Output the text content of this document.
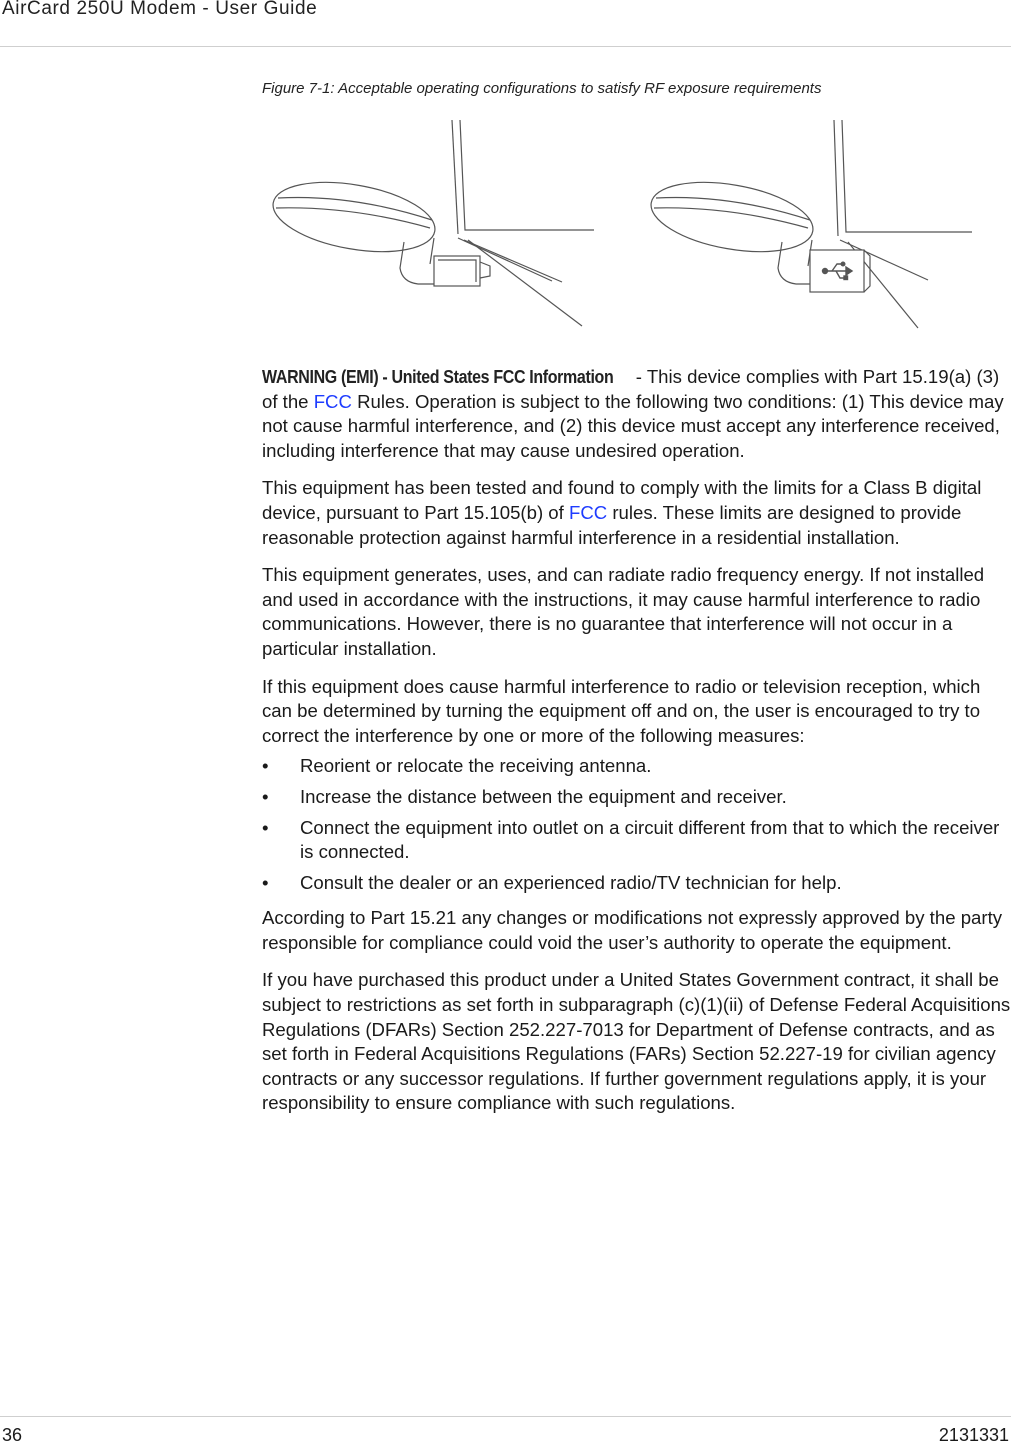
AirCard 250U Modem - User Guide
Figure 7-1: Acceptable operating configurations to satisfy RF exposure requirements

WARNING (EMI) - United States FCC Information - This device complies with Part 15.19(a) (3) of the FCC Rules. Operation is subject to the following two conditions: (1) This device may not cause harmful interference, and (2) this device must accept any interference received, including interference that may cause undesired operation.

This equipment has been tested and found to comply with the limits for a Class B digital device, pursuant to Part 15.105(b) of FCC rules. These limits are designed to provide reasonable protection against harmful interference in a residential installation.

This equipment generates, uses, and can radiate radio frequency energy. If not installed and used in accordance with the instructions, it may cause harmful interference to radio communications. However, there is no guarantee that interference will not occur in a particular installation.

If this equipment does cause harmful interference to radio or television reception, which can be determined by turning the equipment off and on, the user is encouraged to try to correct the interference by one or more of the following measures:

• Reorient or relocate the receiving antenna.
• Increase the distance between the equipment and receiver.
• Connect the equipment into outlet on a circuit different from that to which the receiver is connected.
• Consult the dealer or an experienced radio/TV technician for help.

According to Part 15.21 any changes or modifications not expressly approved by the party responsible for compliance could void the user’s authority to operate the equipment.

If you have purchased this product under a United States Government contract, it shall be subject to restrictions as set forth in subparagraph (c)(1)(ii) of Defense Federal Acquisitions Regulations (DFARs) Section 252.227-7013 for Department of Defense contracts, and as set forth in Federal Acquisitions Regulations (FARs) Section 52.227-19 for civilian agency contracts or any successor regulations. If further government regulations apply, it is your responsibility to ensure compliance with such regulations.

36	2131331
